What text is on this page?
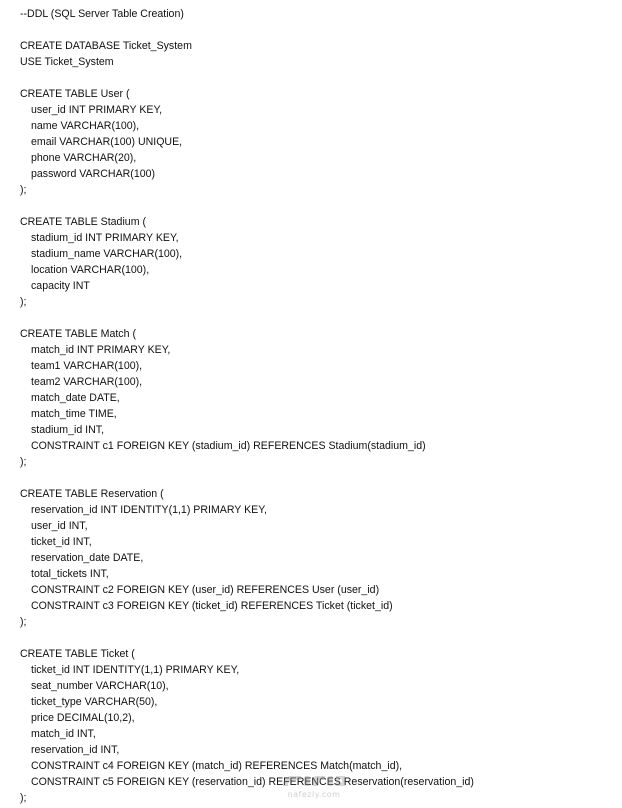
--DDL (SQL Server Table Creation)
CREATE DATABASE Ticket_System
USE Ticket_System
CREATE TABLE User (
user_id INT PRIMARY KEY,
name VARCHAR(100),
email VARCHAR(100) UNIQUE,
phone VARCHAR(20),
password VARCHAR(100)
);
CREATE TABLE Stadium (
stadium_id INT PRIMARY KEY,
stadium_name VARCHAR(100),
location VARCHAR(100),
capacity INT
);
CREATE TABLE Match (
match_id INT PRIMARY KEY,
team1 VARCHAR(100),
team2 VARCHAR(100),
match_date DATE,
match_time TIME,
stadium_id INT,
CONSTRAINT c1 FOREIGN KEY (stadium_id) REFERENCES Stadium(stadium_id)
);
CREATE TABLE Reservation (
reservation_id INT IDENTITY(1,1) PRIMARY KEY,
user_id INT,
ticket_id INT,
reservation_date DATE,
total_tickets INT,
CONSTRAINT c2 FOREIGN KEY (user_id) REFERENCES User (user_id)
CONSTRAINT c3 FOREIGN KEY (ticket_id) REFERENCES Ticket (ticket_id)
);
CREATE TABLE Ticket (
ticket_id INT IDENTITY(1,1) PRIMARY KEY,
seat_number VARCHAR(10),
ticket_type VARCHAR(50),
price DECIMAL(10,2),
match_id INT,
reservation_id INT,
CONSTRAINT c4 FOREIGN KEY (match_id) REFERENCES Match(match_id),
CONSTRAINT c5 FOREIGN KEY (reservation_id) REFERENCES Reservation(reservation_id)
);	nafezly.com
